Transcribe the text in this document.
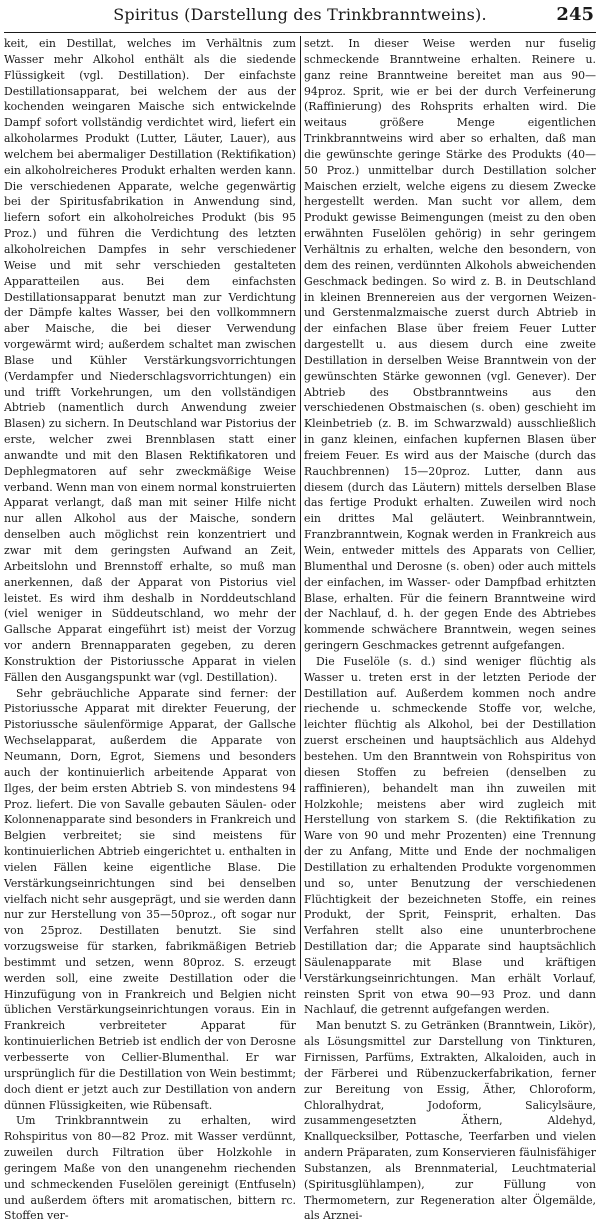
Spiritus (Darstellung des Trinkbranntweins).	245

keit, ein Destillat, welches im Verhältnis zum Wasser mehr Alkohol enthält als die siedende Flüssigkeit (vgl. Destillation). Der einfachste Destillationsapparat, bei welchem der aus der kochenden weingaren Maische sich entwickelnde Dampf sofort vollständig verdichtet wird, liefert ein alkoholarmes Produkt (Lutter, Läuter, Lauer), aus welchem bei abermaliger Destillation (Rektifikation) ein alkoholreicheres Produkt erhalten werden kann. Die verschiedenen Apparate, welche gegenwärtig bei der Spiritusfabrikation in Anwendung sind, liefern sofort ein alkoholreiches Produkt (bis 95 Proz.) und führen die Verdichtung des letzten alkoholreichen Dampfes in sehr verschiedener Weise und mit sehr verschieden gestalteten Apparatteilen aus. Bei dem einfachsten Destillationsapparat benutzt man zur Verdichtung der Dämpfe kaltes Wasser, bei den vollkommnern aber Maische, die bei dieser Verwendung vorgewärmt wird; außerdem schaltet man zwischen Blase und Kühler Verstärkungsvorrichtungen (Verdampfer und Niederschlagsvorrichtungen) ein und trifft Vorkehrungen, um den vollständigen Abtrieb (namentlich durch Anwendung zweier Blasen) zu sichern. In Deutschland war Pistorius der erste, welcher zwei Brennblasen statt einer anwandte und mit den Blasen Rektifikatoren und Dephlegmatoren auf sehr zweckmäßige Weise verband. Wenn man von einem normal konstruierten Apparat verlangt, daß man mit seiner Hilfe nicht nur allen Alkohol aus der Maische, sondern denselben auch möglichst rein konzentriert und zwar mit dem geringsten Aufwand an Zeit, Arbeitslohn und Brennstoff erhalte, so muß man anerkennen, daß der Apparat von Pistorius viel leistet. Es wird ihm deshalb in Norddeutschland (viel weniger in Süddeutschland, wo mehr der Gallsche Apparat eingeführt ist) meist der Vorzug vor andern Brennapparaten gegeben, zu deren Konstruktion der Pistoriussche Apparat in vielen Fällen den Ausgangspunkt war (vgl. Destillation).

Sehr gebräuchliche Apparate sind ferner: der Pistoriussche Apparat mit direkter Feuerung, der Pistoriussche säulenförmige Apparat, der Gallsche Wechselapparat, außerdem die Apparate von Neumann, Dorn, Egrot, Siemens und besonders auch der kontinuierlich arbeitende Apparat von Ilges, der beim ersten Abtrieb S. von mindestens 94 Proz. liefert. Die von Savalle gebauten Säulen- oder Kolonnenapparate sind besonders in Frankreich und Belgien verbreitet; sie sind meistens für kontinuierlichen Abtrieb eingerichtet u. enthalten in vielen Fällen keine eigentliche Blase. Die Verstärkungseinrichtungen sind bei denselben vielfach nicht sehr ausgeprägt, und sie werden dann nur zur Herstellung von 35—50proz., oft sogar nur von 25proz. Destillaten benutzt. Sie sind vorzugsweise für starken, fabrikmäßigen Betrieb bestimmt und setzen, wenn 80proz. S. erzeugt werden soll, eine zweite Destillation oder die Hinzufügung von in Frankreich und Belgien nicht üblichen Verstärkungseinrichtungen voraus. Ein in Frankreich verbreiteter Apparat für kontinuierlichen Betrieb ist endlich der von Derosne verbesserte von Cellier-Blumenthal. Er war ursprünglich für die Destillation von Wein bestimmt; doch dient er jetzt auch zur Destillation von andern dünnen Flüssigkeiten, wie Rübensaft.

Um Trinkbranntwein zu erhalten, wird Rohspiritus von 80—82 Proz. mit Wasser verdünnt, zuweilen durch Filtration über Holzkohle in geringem Maße von den unangenehm riechenden und schmeckenden Fuselölen gereinigt (Entfuseln) und außerdem öfters mit aromatischen, bittern rc. Stoffen ver-

setzt. In dieser Weise werden nur fuselig schmeckende Branntweine erhalten. Reinere u. ganz reine Branntweine bereitet man aus 90—94proz. Sprit, wie er bei der durch Verfeinerung (Raffinierung) des Rohsprits erhalten wird. Die weitaus größere Menge eigentlichen Trinkbranntweins wird aber so erhalten, daß man die gewünschte geringe Stärke des Produkts (40—50 Proz.) unmittelbar durch Destillation solcher Maischen erzielt, welche eigens zu diesem Zwecke hergestellt werden. Man sucht vor allem, dem Produkt gewisse Beimengungen (meist zu den oben erwähnten Fuselölen gehörig) in sehr geringem Verhältnis zu erhalten, welche den besondern, von dem des reinen, verdünnten Alkohols abweichenden Geschmack bedingen. So wird z. B. in Deutschland in kleinen Brennereien aus der vergornen Weizen- und Gerstenmalzmaische zuerst durch Abtrieb in der einfachen Blase über freiem Feuer Lutter dargestellt u. aus diesem durch eine zweite Destillation in derselben Weise Branntwein von der gewünschten Stärke gewonnen (vgl. Genever). Der Abtrieb des Obstbranntweins aus den verschiedenen Obstmaischen (s. oben) geschieht im Kleinbetrieb (z. B. im Schwarzwald) ausschließlich in ganz kleinen, einfachen kupfernen Blasen über freiem Feuer. Es wird aus der Maische (durch das Rauchbrennen) 15—20proz. Lutter, dann aus diesem (durch das Läutern) mittels derselben Blase das fertige Produkt erhalten. Zuweilen wird noch ein drittes Mal geläutert. Weinbranntwein, Franzbranntwein, Kognak werden in Frankreich aus Wein, entweder mittels des Apparats von Cellier, Blumenthal und Derosne (s. oben) oder auch mittels der einfachen, im Wasser- oder Dampfbad erhitzten Blase, erhalten. Für die feinern Branntweine wird der Nachlauf, d. h. der gegen Ende des Abtriebes kommende schwächere Branntwein, wegen seines geringern Geschmackes getrennt aufgefangen.

Die Fuselöle (s. d.) sind weniger flüchtig als Wasser u. treten erst in der letzten Periode der Destillation auf. Außerdem kommen noch andre riechende u. schmeckende Stoffe vor, welche, leichter flüchtig als Alkohol, bei der Destillation zuerst erscheinen und hauptsächlich aus Aldehyd bestehen. Um den Branntwein von Rohspiritus von diesen Stoffen zu befreien (denselben zu raffinieren), behandelt man ihn zuweilen mit Holzkohle; meistens aber wird zugleich mit Herstellung von starkem S. (die Rektifikation zu Ware von 90 und mehr Prozenten) eine Trennung der zu Anfang, Mitte und Ende der nochmaligen Destillation zu erhaltenden Produkte vorgenommen und so, unter Benutzung der verschiedenen Flüchtigkeit der bezeichneten Stoffe, ein reines Produkt, der Sprit, Feinsprit, erhalten. Das Verfahren stellt also eine ununterbrochene Destillation dar; die Apparate sind hauptsächlich Säulenapparate mit Blase und kräftigen Verstärkungseinrichtungen. Man erhält Vorlauf, reinsten Sprit von etwa 90—93 Proz. und dann Nachlauf, die getrennt aufgefangen werden.

Man benutzt S. zu Getränken (Branntwein, Likör), als Lösungsmittel zur Darstellung von Tinkturen, Firnissen, Parfüms, Extrakten, Alkaloiden, auch in der Färberei und Rübenzuckerfabrikation, ferner zur Bereitung von Essig, Äther, Chloroform, Chloralhydrat, Jodoform, Salicylsäure, zusammengesetzten Äthern, Aldehyd, Knallquecksilber, Pottasche, Teerfarben und vielen andern Präparaten, zum Konservieren fäulnisfähiger Substanzen, als Brennmaterial, Leuchtmaterial (Spiritusglühlampen), zur Füllung von Thermometern, zur Regeneration alter Ölgemälde, als Arznei-
